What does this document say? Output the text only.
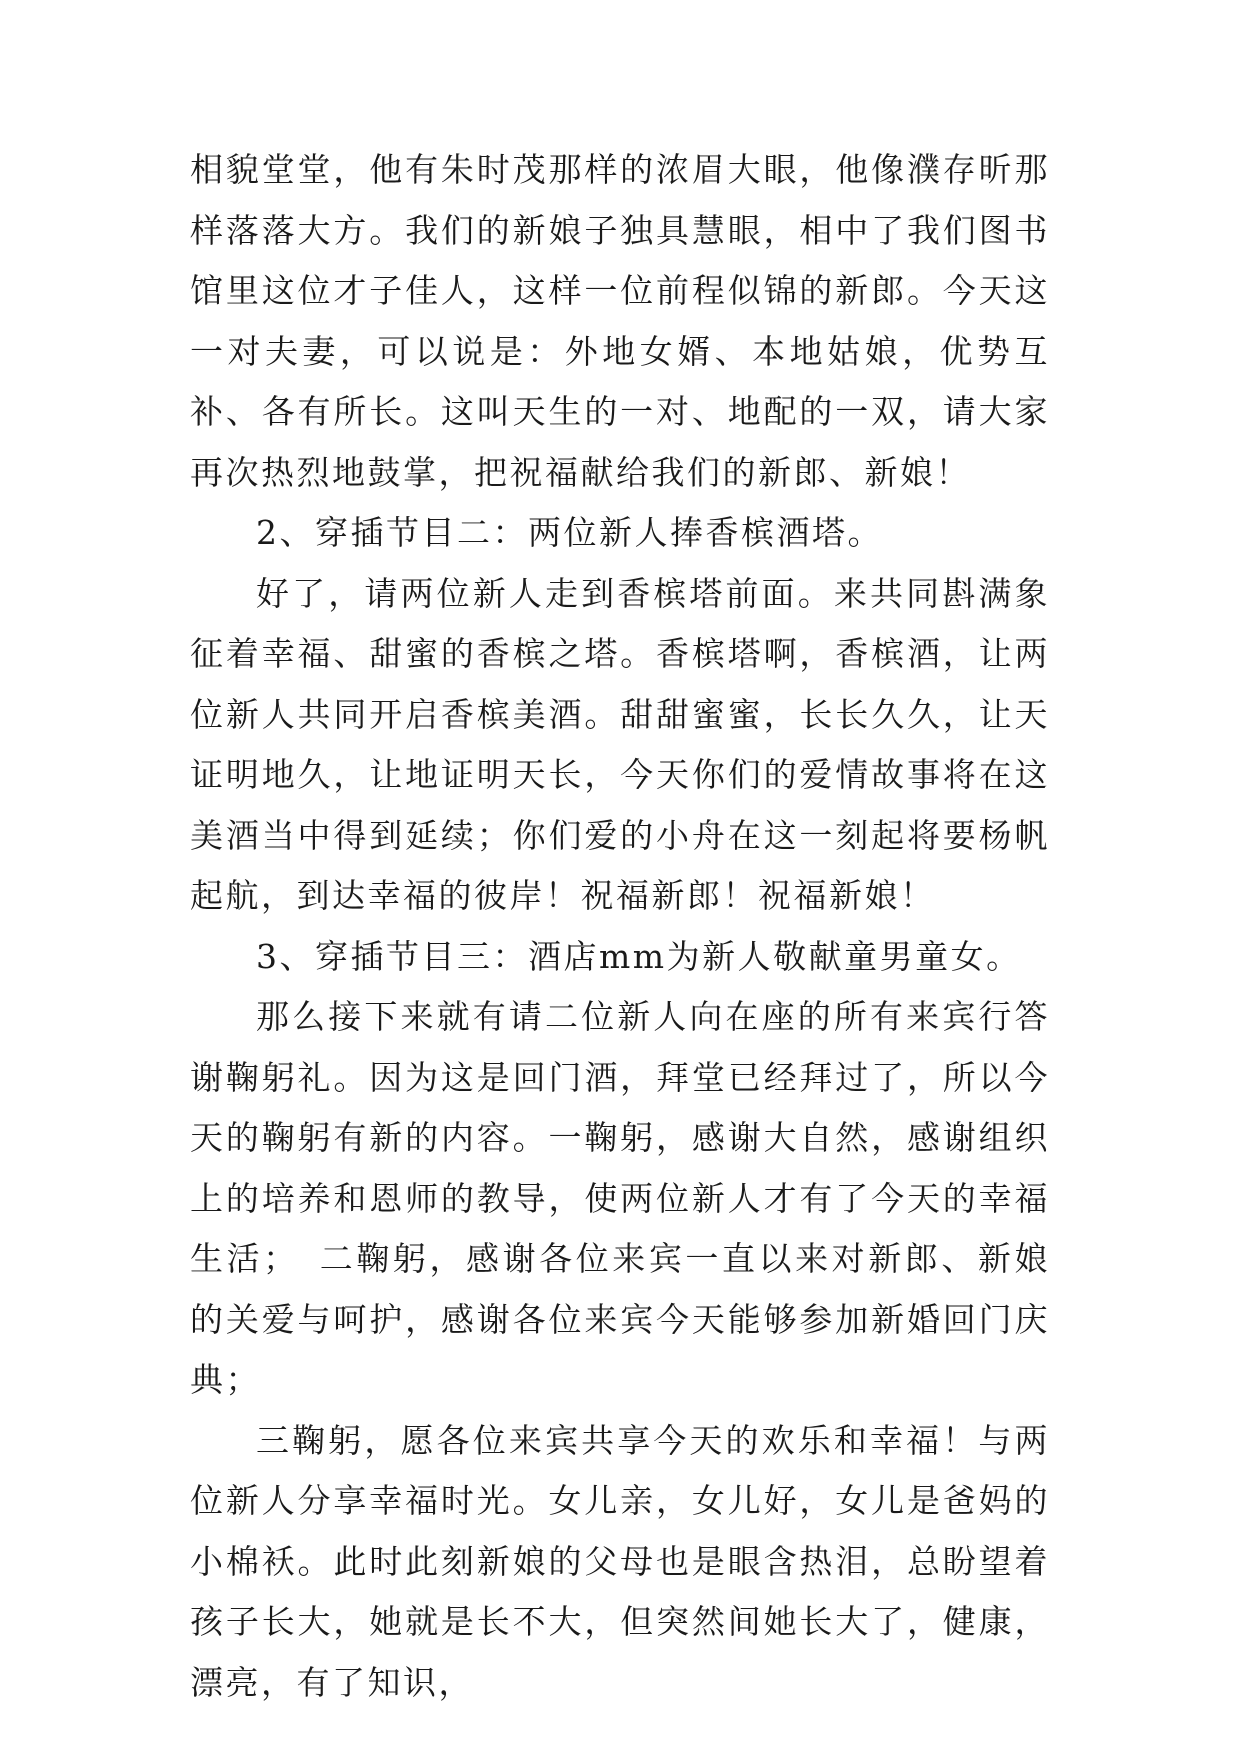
相貌堂堂，他有朱时茂那样的浓眉大眼，他像濮存昕那样落落大方。我们的新娘子独具慧眼，相中了我们图书馆里这位才子佳人，这样一位前程似锦的新郎。今天这一对夫妻，可以说是：外地女婿、本地姑娘，优势互补、各有所长。这叫天生的一对、地配的一双，请大家再次热烈地鼓掌，把祝福献给我们的新郎、新娘！

2、穿插节目二：两位新人捧香槟酒塔。

好了，请两位新人走到香槟塔前面。来共同斟满象征着幸福、甜蜜的香槟之塔。香槟塔啊，香槟酒，让两位新人共同开启香槟美酒。甜甜蜜蜜，长长久久，让天证明地久，让地证明天长，今天你们的爱情故事将在这美酒当中得到延续；你们爱的小舟在这一刻起将要杨帆起航，到达幸福的彼岸！祝福新郎！祝福新娘！

3、穿插节目三：酒店mm为新人敬献童男童女。

那么接下来就有请二位新人向在座的所有来宾行答谢鞠躬礼。因为这是回门酒，拜堂已经拜过了，所以今天的鞠躬有新的内容。一鞠躬，感谢大自然，感谢组织上的培养和恩师的教导，使两位新人才有了今天的幸福生活；　二鞠躬，感谢各位来宾一直以来对新郎、新娘的关爱与呵护，感谢各位来宾今天能够参加新婚回门庆典；

三鞠躬，愿各位来宾共享今天的欢乐和幸福！与两位新人分享幸福时光。女儿亲，女儿好，女儿是爸妈的小棉袄。此时此刻新娘的父母也是眼含热泪，总盼望着孩子长大，她就是长不大，但突然间她长大了，健康，漂亮，有了知识，
